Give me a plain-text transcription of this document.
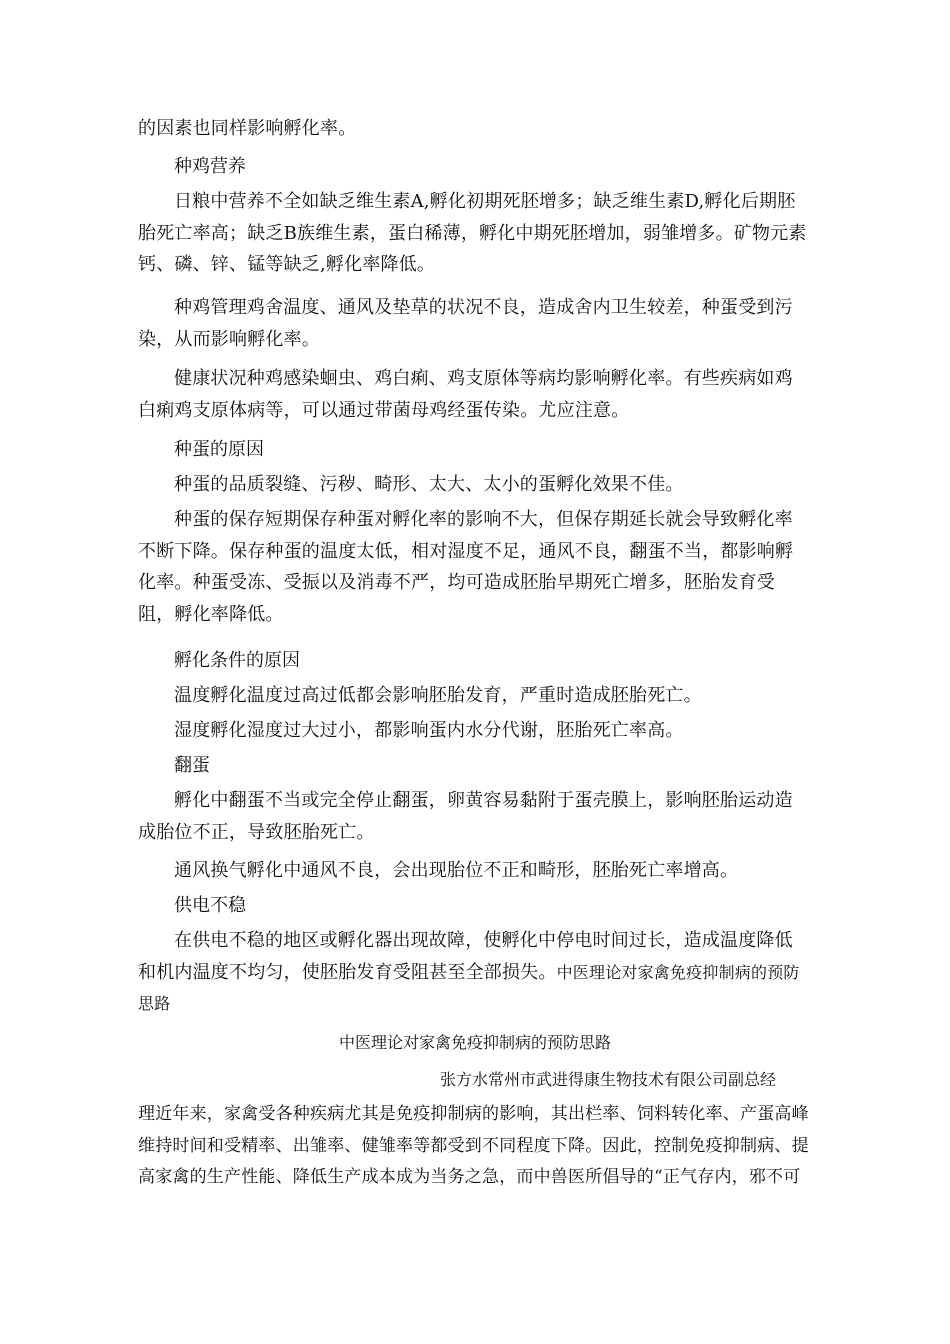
的因素也同样影响孵化率。

种鸡营养

日粮中营养不全如缺乏维生素A,孵化初期死胚增多；缺乏维生素D,孵化后期胚胎死亡率高；缺乏B族维生素，蛋白稀薄，孵化中期死胚增加，弱雏增多。矿物元素钙、磷、锌、锰等缺乏,孵化率降低。

种鸡管理鸡舍温度、通风及垫草的状况不良，造成舍内卫生较差，种蛋受到污染，从而影响孵化率。

健康状况种鸡感染蛔虫、鸡白痢、鸡支原体等病均影响孵化率。有些疾病如鸡白痢鸡支原体病等，可以通过带菌母鸡经蛋传染。尤应注意。

种蛋的原因

种蛋的品质裂缝、污秽、畸形、太大、太小的蛋孵化效果不佳。

种蛋的保存短期保存种蛋对孵化率的影响不大，但保存期延长就会导致孵化率不断下降。保存种蛋的温度太低，相对湿度不足，通风不良，翻蛋不当，都影响孵化率。种蛋受冻、受振以及消毒不严，均可造成胚胎早期死亡增多，胚胎发育受阻，孵化率降低。

孵化条件的原因

温度孵化温度过高过低都会影响胚胎发育，严重时造成胚胎死亡。

湿度孵化湿度过大过小，都影响蛋内水分代谢，胚胎死亡率高。

翻蛋

孵化中翻蛋不当或完全停止翻蛋，卵黄容易黏附于蛋壳膜上，影响胚胎运动造成胎位不正，导致胚胎死亡。

通风换气孵化中通风不良，会出现胎位不正和畸形，胚胎死亡率增高。

供电不稳

在供电不稳的地区或孵化器出现故障，使孵化中停电时间过长，造成温度降低和机内温度不均匀，使胚胎发育受阻甚至全部损失。中医理论对家禽免疫抑制病的预防思路

中医理论对家禽免疫抑制病的预防思路

张方水常州市武进得康生物技术有限公司副总经

理近年来，家禽受各种疾病尤其是免疫抑制病的影响，其出栏率、饲料转化率、产蛋高峰维持时间和受精率、出雏率、健雏率等都受到不同程度下降。因此，控制免疫抑制病、提高家禽的生产性能、降低生产成本成为当务之急，而中兽医所倡导的“正气存内，邪不可
